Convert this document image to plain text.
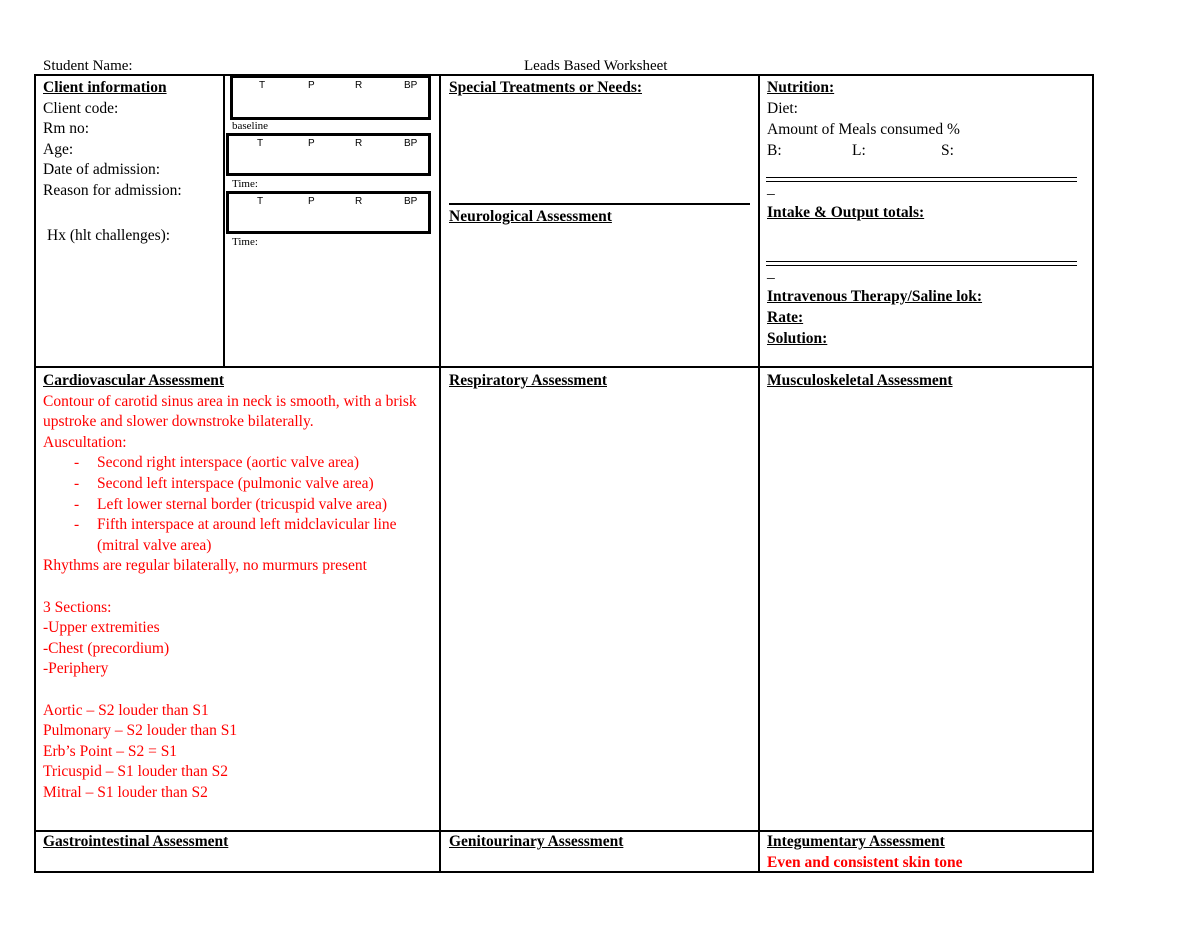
Student Name:	Leads Based Worksheet
Client information
Client code:
Rm no:
Age:
Date of admission:
Reason for admission:
Hx (hlt challenges):
T	P	R	BP
baseline
T	P	R	BP
Time:
T	P	R	BP
Time:
Special Treatments or Needs:
Neurological Assessment
Nutrition:
Diet:
Amount of Meals consumed %
B:	L:	S:
_
Intake & Output totals:
_
Intravenous Therapy/Saline lok:
Rate:
Solution:
Cardiovascular Assessment
Contour of carotid sinus area in neck is smooth, with a brisk upstroke and slower downstroke bilaterally.
Auscultation:
- Second right interspace (aortic valve area)
- Second left interspace (pulmonic valve area)
- Left lower sternal border (tricuspid valve area)
- Fifth interspace at around left midclavicular line (mitral valve area)
Rhythms are regular bilaterally, no murmurs present
3 Sections:
-Upper extremities
-Chest (precordium)
-Periphery
Aortic – S2 louder than S1
Pulmonary – S2 louder than S1
Erb’s Point – S2 = S1
Tricuspid – S1 louder than S2
Mitral – S1 louder than S2
Respiratory Assessment	Musculoskeletal Assessment
Gastrointestinal Assessment	Genitourinary Assessment	Integumentary Assessment
Even and consistent skin tone
